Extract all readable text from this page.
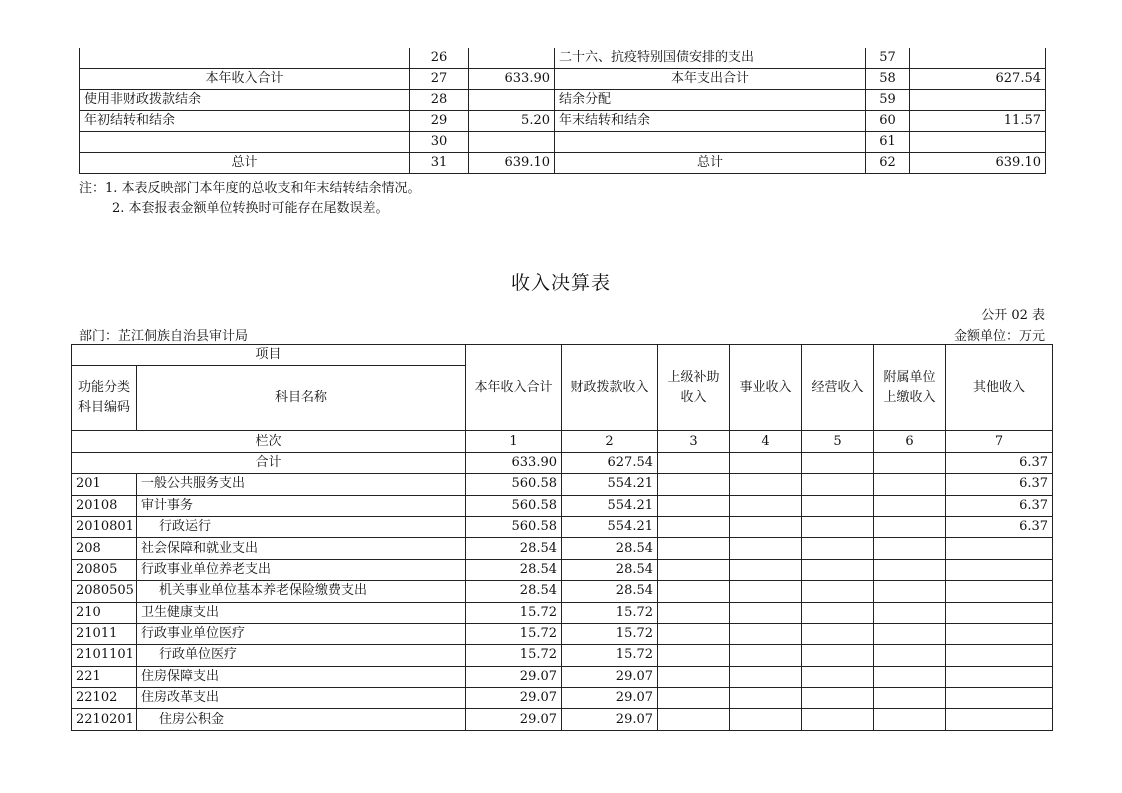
	26		二十六、抗疫特别国债安排的支出	57	
本年收入合计	27	633.90	本年支出合计	58	627.54
使用非财政拨款结余	28		结余分配	59	
年初结转和结余	29	5.20	年末结转和结余	60	11.57
	30			61	
总计	31	639.10	总计	62	639.10
注：1. 本表反映部门本年度的总收支和年末结转结余情况。
2. 本套报表金额单位转换时可能存在尾数误差。
收入决算表
公开 02 表
部门：芷江侗族自治县审计局	金额单位：万元
项目		本年收入合计	财政拨款收入	上级补助收入	事业收入	经营收入	附属单位上缴收入	其他收入
功能分类科目编码	科目名称							
栏次		1	2	3	4	5	6	7
合计		633.90	627.54					6.37
201	一般公共服务支出	560.58	554.21					6.37
20108	审计事务	560.58	554.21					6.37
2010801	行政运行	560.58	554.21					6.37
208	社会保障和就业支出	28.54	28.54					
20805	行政事业单位养老支出	28.54	28.54					
2080505	机关事业单位基本养老保险缴费支出	28.54	28.54					
210	卫生健康支出	15.72	15.72					
21011	行政事业单位医疗	15.72	15.72					
2101101	行政单位医疗	15.72	15.72					
221	住房保障支出	29.07	29.07					
22102	住房改革支出	29.07	29.07					
2210201	住房公积金	29.07	29.07					
